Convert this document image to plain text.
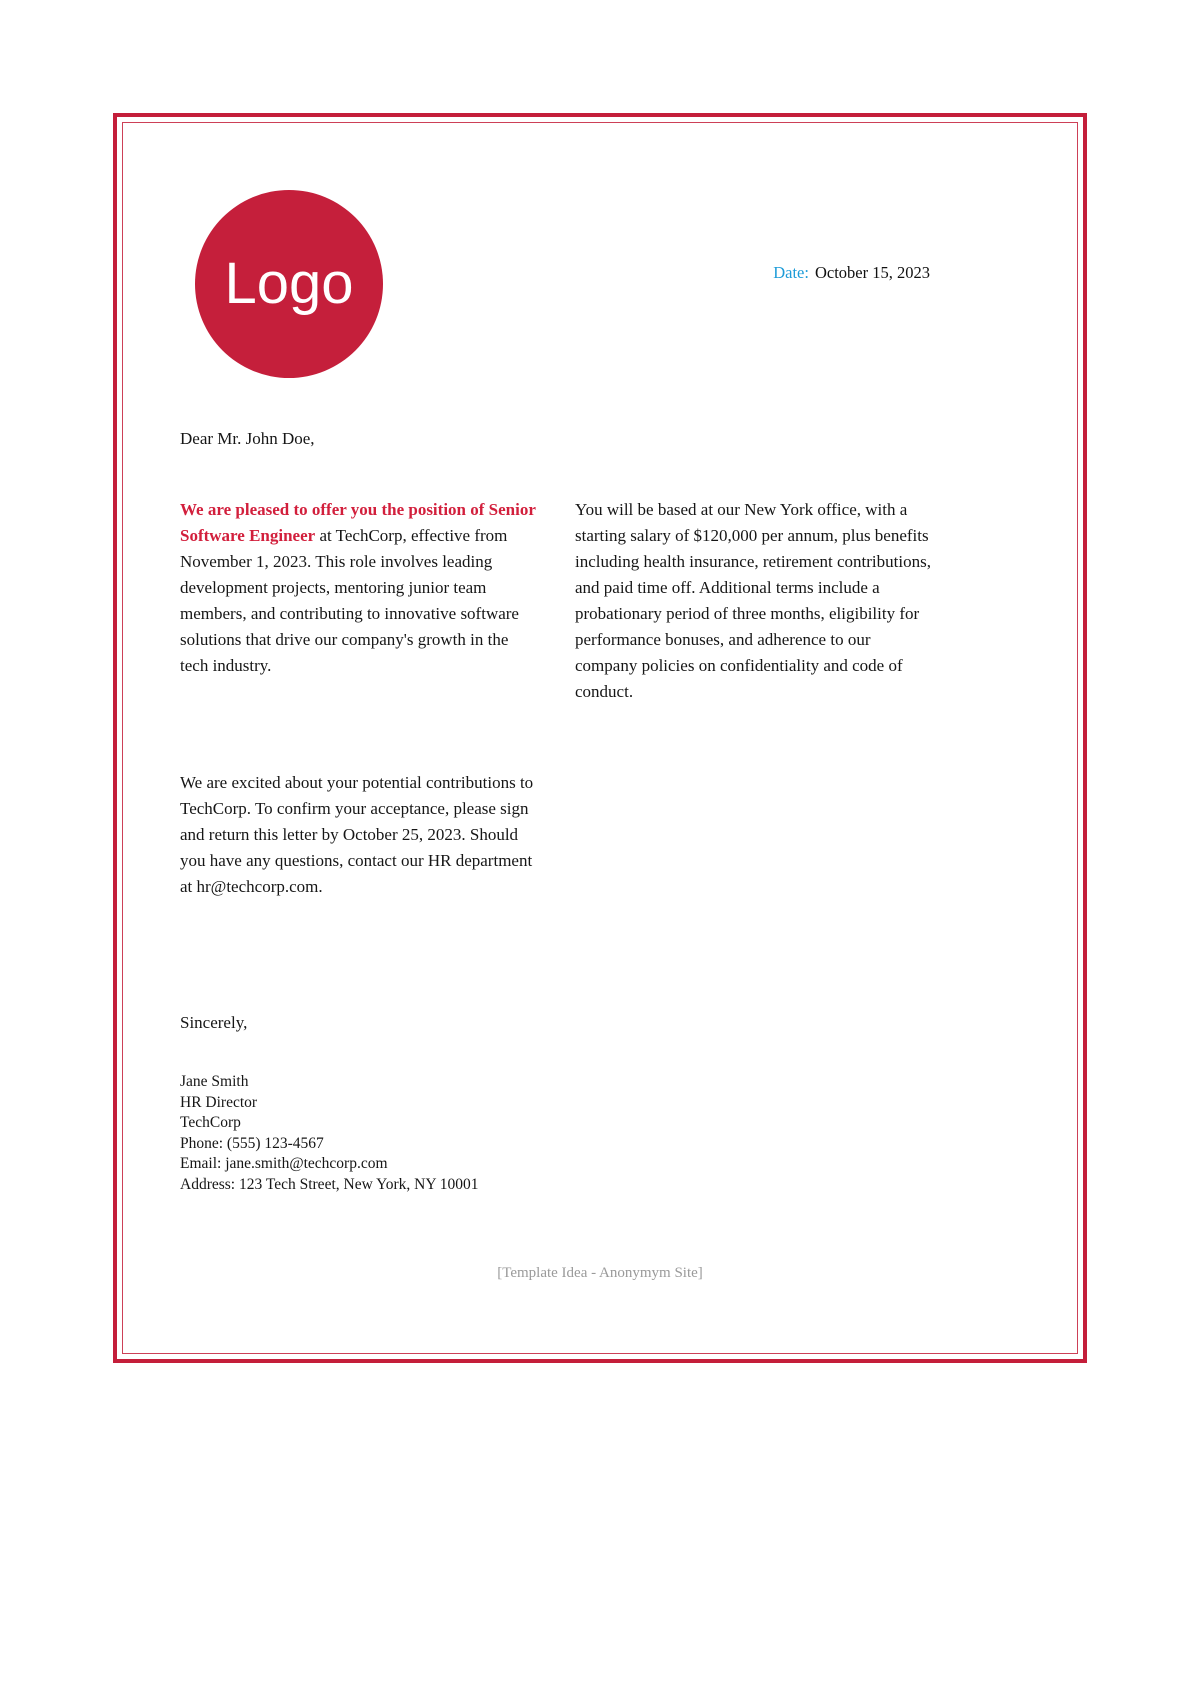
Logo	Date: October 15, 2023

Dear Mr. John Doe,

We are pleased to offer you the position of Senior Software Engineer at TechCorp, effective from November 1, 2023. This role involves leading development projects, mentoring junior team members, and contributing to innovative software solutions that drive our company's growth in the tech industry.

You will be based at our New York office, with a starting salary of $120,000 per annum, plus benefits including health insurance, retirement contributions, and paid time off. Additional terms include a probationary period of three months, eligibility for performance bonuses, and adherence to our company policies on confidentiality and code of conduct.

We are excited about your potential contributions to TechCorp. To confirm your acceptance, please sign and return this letter by October 25, 2023. Should you have any questions, contact our HR department at hr@techcorp.com.

Sincerely,

Jane Smith
HR Director
TechCorp
Phone: (555) 123-4567
Email: jane.smith@techcorp.com
Address: 123 Tech Street, New York, NY 10001
[Template Idea - Anonymym Site]
